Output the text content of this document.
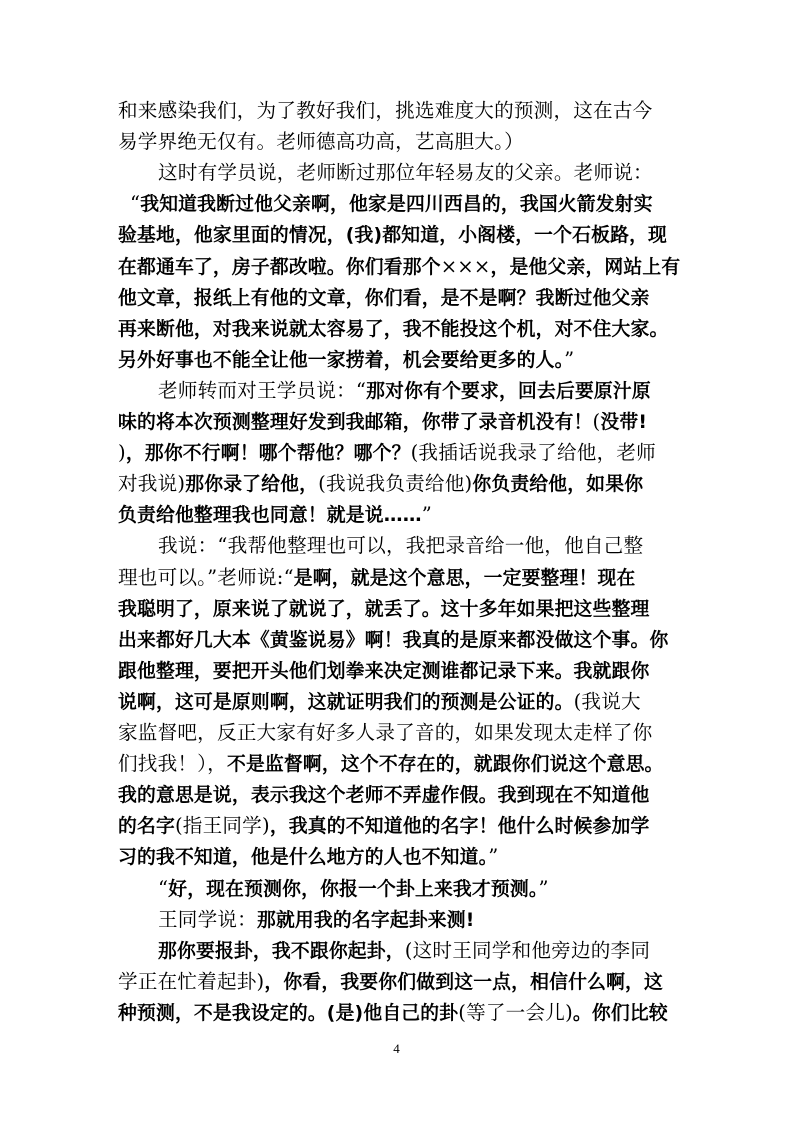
和来感染我们，为了教好我们，挑选难度大的预测，这在古今
易学界绝无仅有。老师德高功高，艺高胆大。）
这时有学员说，老师断过那位年轻易友的父亲。老师说：
“我知道我断过他父亲啊，他家是四川西昌的，我国火箭发射实
验基地，他家里面的情况，(我)都知道，小阁楼，一个石板路，现
在都通车了，房子都改啦。你们看那个×××，是他父亲，网站上有
他文章，报纸上有他的文章，你们看，是不是啊？我断过他父亲
再来断他，对我来说就太容易了，我不能投这个机，对不住大家。
另外好事也不能全让他一家捞着，机会要给更多的人。”
老师转而对王学员说：“那对你有个要求，回去后要原汁原
味的将本次预测整理好发到我邮箱，你带了录音机没有！(没带!
)，那你不行啊！哪个帮他？哪个？(我插话说我录了给他，老师
对我说)那你录了给他，(我说我负责给他)你负责给他，如果你
负责给他整理我也同意！就是说……”
我说：“我帮他整理也可以，我把录音给一他，他自己整
理也可以。”老师说:“是啊，就是这个意思，一定要整理！现在
我聪明了，原来说了就说了，就丢了。这十多年如果把这些整理
出来都好几大本《黄鉴说易》啊！我真的是原来都没做这个事。你
跟他整理，要把开头他们划拳来决定测谁都记录下来。我就跟你
说啊，这可是原则啊，这就证明我们的预测是公证的。(我说大
家监督吧，反正大家有好多人录了音的，如果发现太走样了你
们找我！），不是监督啊，这个不存在的，就跟你们说这个意思。
我的意思是说，表示我这个老师不弄虚作假。我到现在不知道他
的名字(指王同学)，我真的不知道他的名字！他什么时候参加学
习的我不知道，他是什么地方的人也不知道。”
“好，现在预测你，你报一个卦上来我才预测。”
王同学说：那就用我的名字起卦来测!
那你要报卦，我不跟你起卦，(这时王同学和他旁边的李同
学正在忙着起卦)，你看，我要你们做到这一点，相信什么啊，这
种预测，不是我设定的。(是)他自己的卦(等了一会儿)。你们比较
4
